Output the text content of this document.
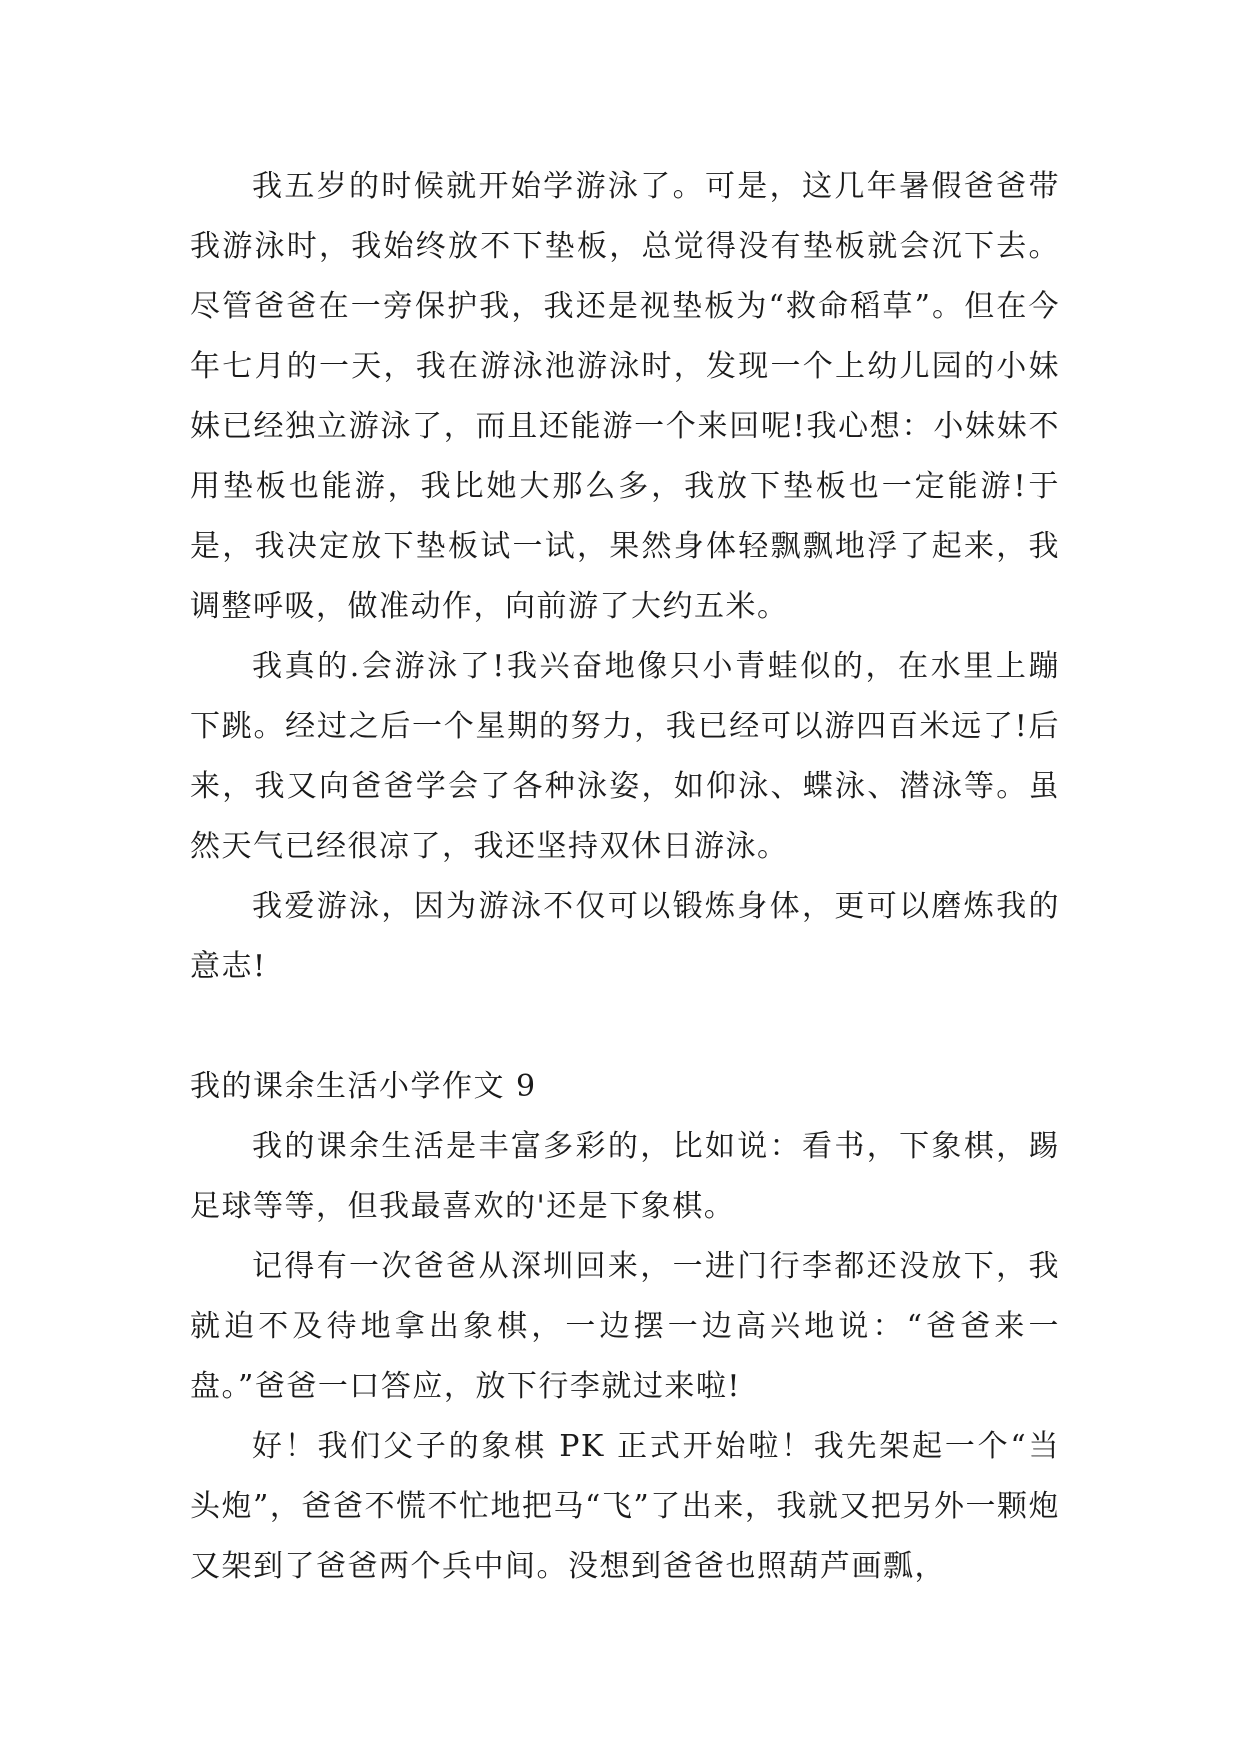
我五岁的时候就开始学游泳了。可是，这几年暑假爸爸带我游泳时，我始终放不下垫板，总觉得没有垫板就会沉下去。尽管爸爸在一旁保护我，我还是视垫板为“救命稻草”。但在今年七月的一天，我在游泳池游泳时，发现一个上幼儿园的小妹妹已经独立游泳了，而且还能游一个来回呢!我心想：小妹妹不用垫板也能游，我比她大那么多，我放下垫板也一定能游!于是，我决定放下垫板试一试，果然身体轻飘飘地浮了起来，我调整呼吸，做准动作，向前游了大约五米。

我真的.会游泳了!我兴奋地像只小青蛙似的，在水里上蹦下跳。经过之后一个星期的努力，我已经可以游四百米远了!后来，我又向爸爸学会了各种泳姿，如仰泳、蝶泳、潜泳等。虽然天气已经很凉了，我还坚持双休日游泳。

我爱游泳，因为游泳不仅可以锻炼身体，更可以磨炼我的意志!

我的课余生活小学作文 9

我的课余生活是丰富多彩的，比如说：看书，下象棋，踢足球等等，但我最喜欢的'还是下象棋。

记得有一次爸爸从深圳回来，一进门行李都还没放下，我就迫不及待地拿出象棋，一边摆一边高兴地说：“爸爸来一盘。”爸爸一口答应，放下行李就过来啦!

好！我们父子的象棋 PK 正式开始啦！我先架起一个“当头炮”，爸爸不慌不忙地把马“飞”了出来，我就又把另外一颗炮又架到了爸爸两个兵中间。没想到爸爸也照葫芦画瓢，
